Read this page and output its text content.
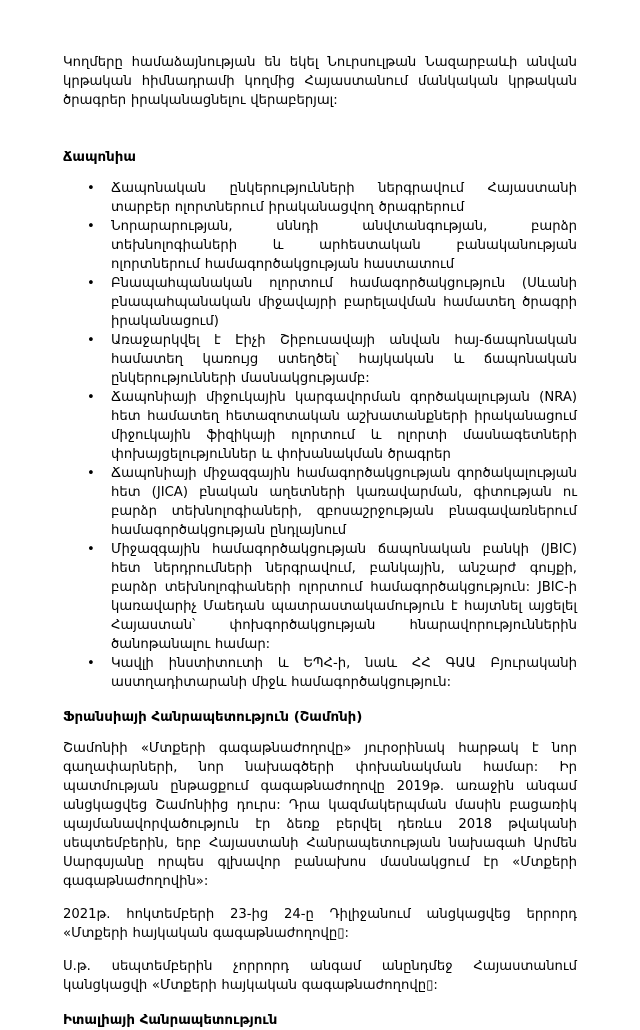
Կողմերը համաձայնության են եկել Նուրսուլթան Նազարբաևի անվան կրթական հիմնադրամի կողմից Հայաստանում մանկական կրթական ծրագրեր իրականացնելու վերաբերյալ:

Ճապոնիա
• Ճապոնական ընկերությունների ներգրավում Հայաստանի տարբեր ոլորտներում իրականացվող ծրագրերում
• Նորարարության, սննդի անվտանգության, բարձր տեխնոլոգիաների և արհեստական բանականության ոլորտներում համագործակցության հաստատում
• Բնապահպանական ոլորտում համագործակցություն (Սևանի բնապահպանական միջավայրի բարելավման համատեղ ծրագրի իրականացում)
• Առաջարկվել է Էիչի Շիբուսավայի անվան հայ-ճապոնական համատեղ կառույց ստեղծել՝ հայկական և ճապոնական ընկերությունների մասնակցությամբ:
• Ճապոնիայի միջուկային կարգավորման գործակալության (NRA) հետ համատեղ հետազոտական աշխատանքների իրականացում միջուկային ֆիզիկայի ոլորտում և ոլորտի մասնագետների փոխայցելություններ և փոխանակման ծրագրեր
• Ճապոնիայի միջազգային համագործակցության գործակալության հետ (JICA) բնական աղետների կառավարման, գիտության ու բարձր տեխնոլոգիաների, զբոսաշրջության բնագավառներում համագործակցության ընդլայնում
• Միջազգային համագործակցության ճապոնական բանկի (JBIC) հետ ներդրումների ներգրավում, բանկային, անշարժ գույքի, բարձր տեխնոլոգիաների ոլորտում համագործակցություն: JBIC-ի կառավարիչ Մաեդան պատրաստակամություն է հայտնել այցելել Հայաստան՝ փոխգործակցության հնարավորություններին ծանոթանալու համար:
• Կավլի ինստիտուտի և ԵՊՀ-ի, նաև ՀՀ ԳԱԱ Բյուրականի աստղադիտարանի միջև համագործակցություն:
Ֆրանսիայի Հանրապետություն (Շամոնի)

Շամոնիի «Մտքերի գագաթնաժողովը» յուրօրինակ հարթակ է նոր գաղափարների, նոր նախագծերի փոխանակման համար: Իր պատմության ընթացքում գագաթնաժողովը 2019թ. առաջին անգամ անցկացվեց Շամոնիից դուրս: Դրա կազմակերպման մասին բացառիկ պայմանավորվածություն էր ձեռք բերվել դեռևս 2018 թվականի սեպտեմբերին, երբ Հայաստանի Հանրապետության նախագահ Արմեն Սարգսյանը որպես գլխավոր բանախոս մասնակցում էր «Մտքերի գագաթնաժողովին»:

2021թ. հոկտեմբերի 23-ից 24-ը Դիլիջանում անցկացվեց երրորդ «Մտքերի հայկական գագաթնաժողովը▯:

Ս.թ. սեպտեմբերին չորրորդ անգամ անընդմեջ Հայաստանում կանցկացվի «Մտքերի հայկական գագաթնաժողովը▯:

Իտալիայի Հանրապետություն
